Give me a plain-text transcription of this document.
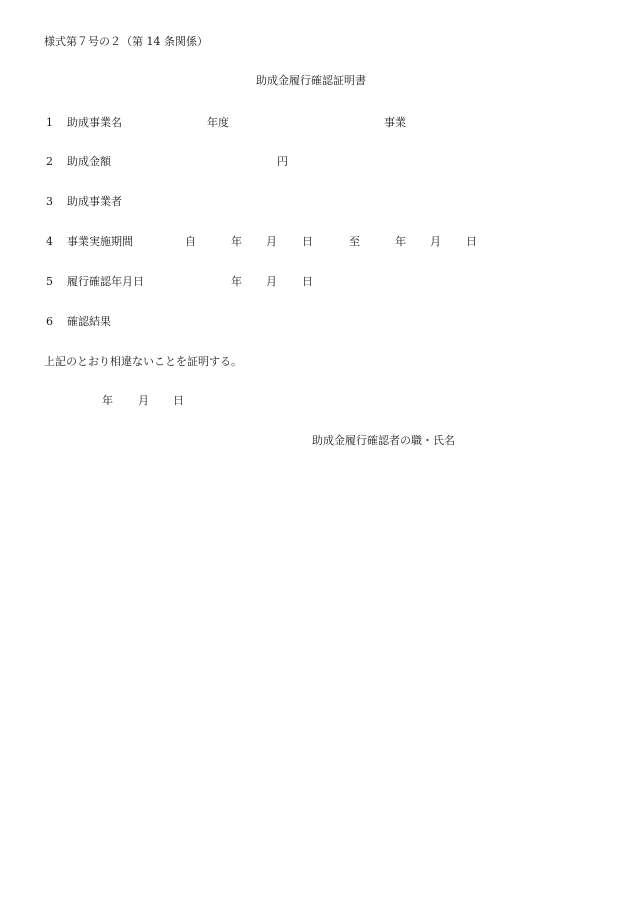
様式第７号の２（第 14 条関係）
助成金履行確認証明書
1 助成事業名	年度	事業
2 助成金額	円
3 助成事業者
4 事業実施期間	自	年 月 日	至	年 月 日
5 履行確認年月日	年 月 日
6 確認結果
上記のとおり相違ないことを証明する。
年 月 日
助成金履行確認者の職・氏名
